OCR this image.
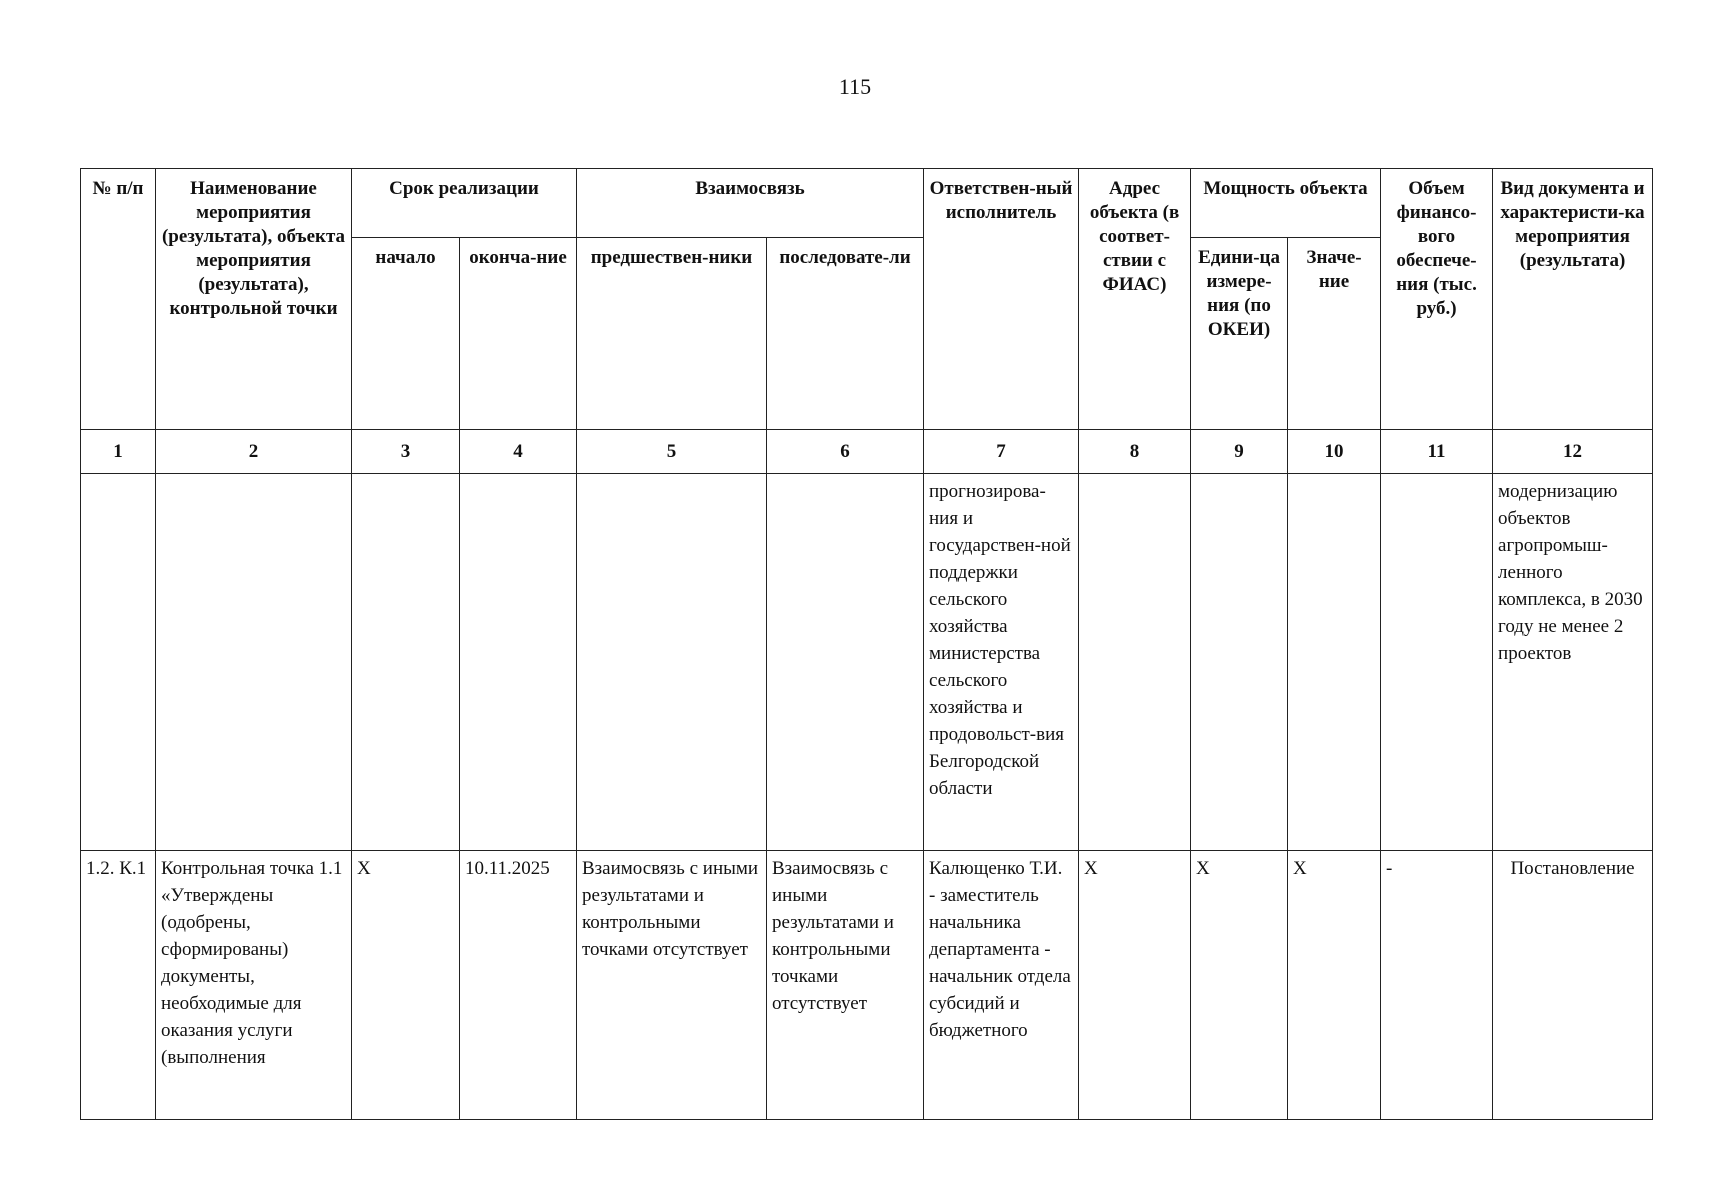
115
№ п/п	Наименование мероприятия (результата), объекта мероприятия (результата), контрольной точки	Срок реализации		Взаимосвязь		Ответствен-ный исполнитель	Адрес объекта (в соответ-ствии с ФИАС)	Мощность объекта		Объем финансо-вого обеспече-ния (тыс. руб.)	Вид документа и характеристи-ка мероприятия (результата)
		начало	оконча-ние	предшествен-ники	последовате-ли			Едини-ца измере-ния (по ОКЕИ)	Значе-ние		
1	2	3	4	5	6	7	8	9	10	11	12
						прогнозирова-ния и государствен-ной поддержки сельского хозяйства министерства сельского хозяйства и продовольст-вия Белгородской области					модернизацию объектов агропромыш-ленного комплекса, в 2030 году не менее 2 проектов
1.2. К.1	Контрольная точка 1.1 «Утверждены (одобрены, сформированы) документы, необходимые для оказания услуги (выполнения	X	10.11.2025	Взаимосвязь с иными результатами и контрольными точками отсутствует	Взаимосвязь с иными результатами и контрольными точками отсутствует	Калющенко Т.И. - заместитель начальника департамента - начальник отдела субсидий и бюджетного	X	X	X	-	Постановление
